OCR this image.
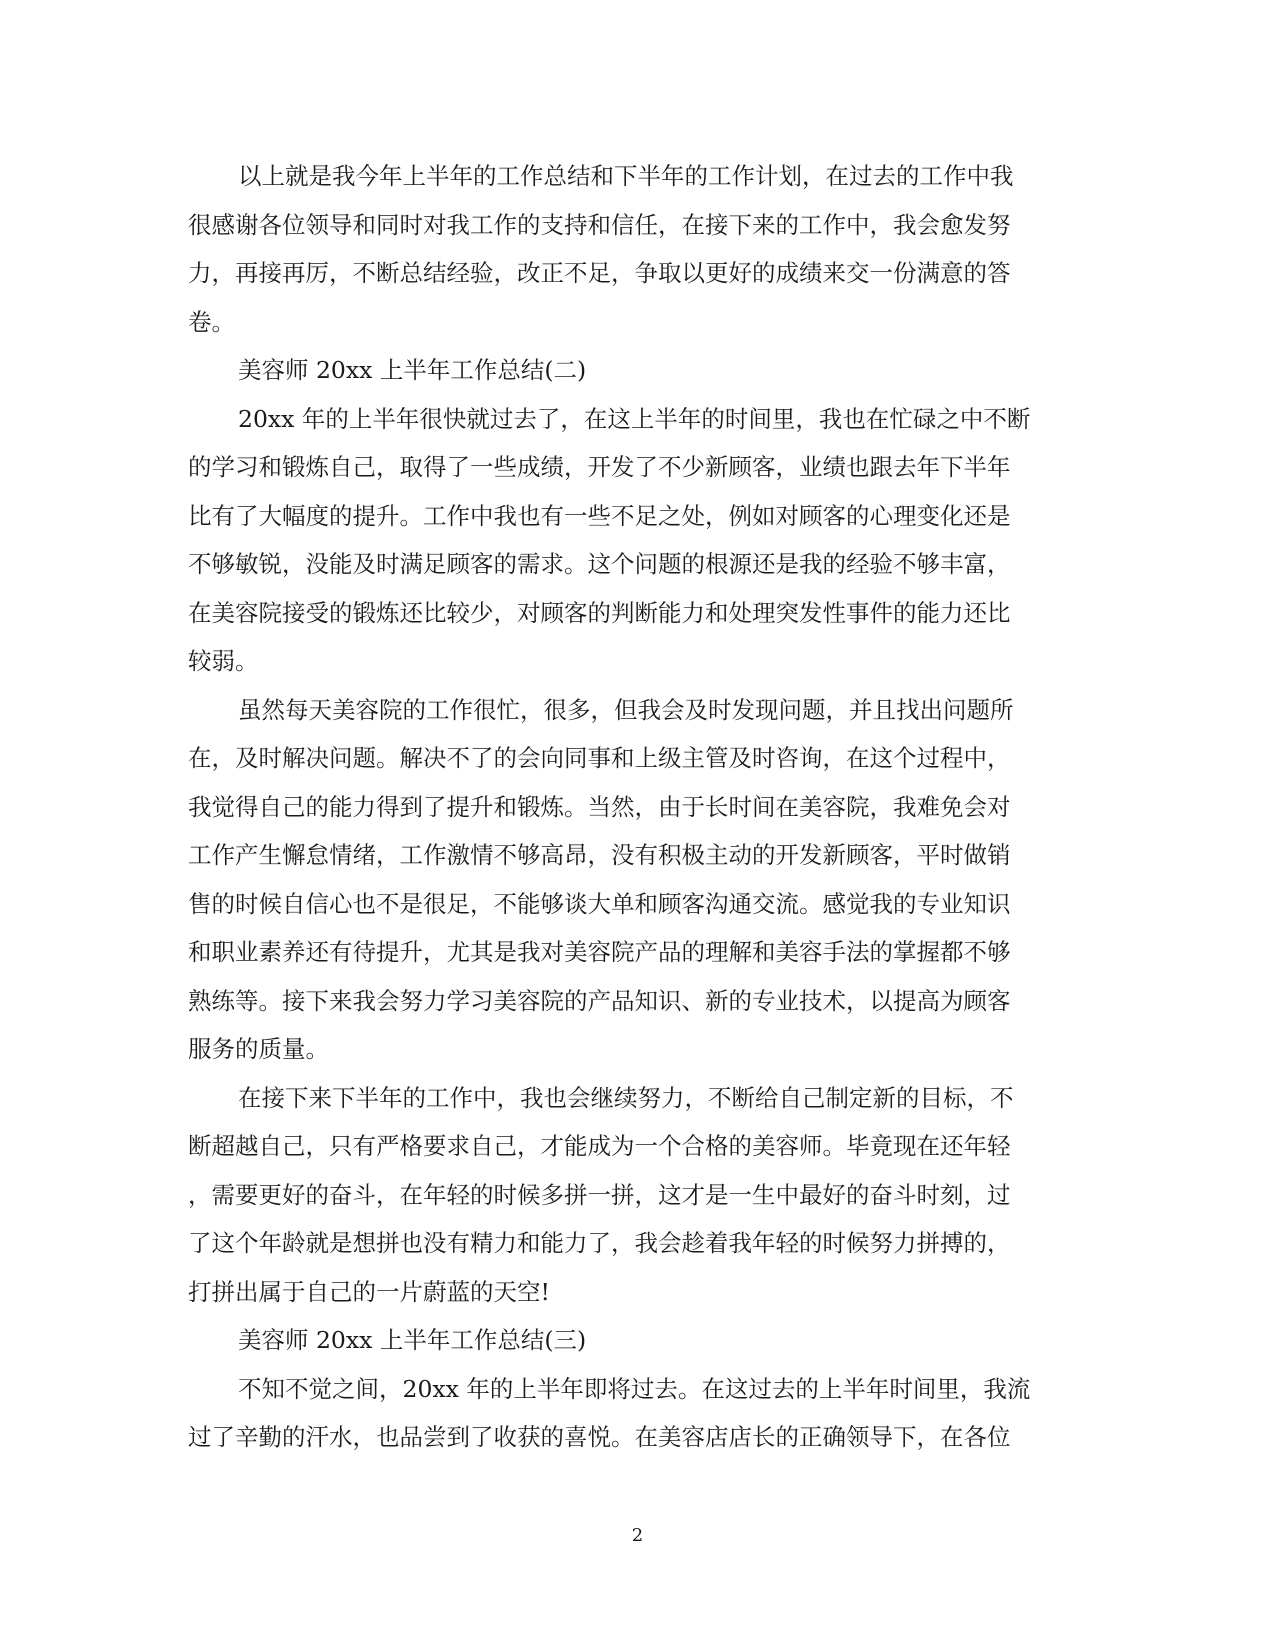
以上就是我今年上半年的工作总结和下半年的工作计划，在过去的工作中我
很感谢各位领导和同时对我工作的支持和信任，在接下来的工作中，我会愈发努
力，再接再厉，不断总结经验，改正不足，争取以更好的成绩来交一份满意的答
卷。
美容师 20xx 上半年工作总结(二)
20xx 年的上半年很快就过去了，在这上半年的时间里，我也在忙碌之中不断
的学习和锻炼自己，取得了一些成绩，开发了不少新顾客，业绩也跟去年下半年
比有了大幅度的提升。工作中我也有一些不足之处，例如对顾客的心理变化还是
不够敏锐，没能及时满足顾客的需求。这个问题的根源还是我的经验不够丰富，
在美容院接受的锻炼还比较少，对顾客的判断能力和处理突发性事件的能力还比
较弱。
虽然每天美容院的工作很忙，很多，但我会及时发现问题，并且找出问题所
在，及时解决问题。解决不了的会向同事和上级主管及时咨询，在这个过程中，
我觉得自己的能力得到了提升和锻炼。当然，由于长时间在美容院，我难免会对
工作产生懈怠情绪，工作激情不够高昂，没有积极主动的开发新顾客，平时做销
售的时候自信心也不是很足，不能够谈大单和顾客沟通交流。感觉我的专业知识
和职业素养还有待提升，尤其是我对美容院产品的理解和美容手法的掌握都不够
熟练等。接下来我会努力学习美容院的产品知识、新的专业技术，以提高为顾客
服务的质量。
在接下来下半年的工作中，我也会继续努力，不断给自己制定新的目标，不
断超越自己，只有严格要求自己，才能成为一个合格的美容师。毕竟现在还年轻
，需要更好的奋斗，在年轻的时候多拼一拼，这才是一生中最好的奋斗时刻，过
了这个年龄就是想拼也没有精力和能力了，我会趁着我年轻的时候努力拼搏的，
打拼出属于自己的一片蔚蓝的天空!
美容师 20xx 上半年工作总结(三)
不知不觉之间，20xx 年的上半年即将过去。在这过去的上半年时间里，我流
过了辛勤的汗水，也品尝到了收获的喜悦。在美容店店长的正确领导下，在各位
2
